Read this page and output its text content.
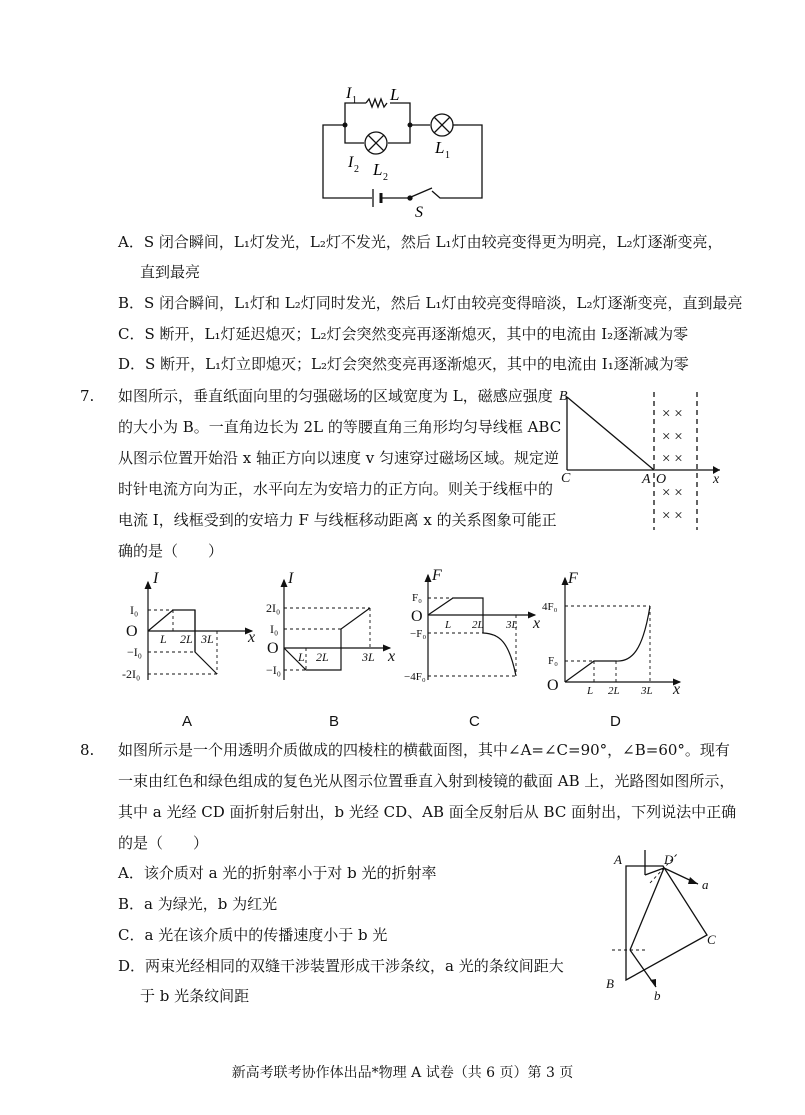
I 1 L
I 2 L 2
L 1
S
A．S 闭合瞬间，L₁灯发光，L₂灯不发光，然后 L₁灯由较亮变得更为明亮，L₂灯逐渐变亮，
直到最亮
B．S 闭合瞬间，L₁灯和 L₂灯同时发光，然后 L₁灯由较亮变得暗淡，L₂灯逐渐变亮，直到最亮
C．S 断开，L₁灯延迟熄灭；L₂灯会突然变亮再逐渐熄灭，其中的电流由 I₂逐渐减为零
D．S 断开，L₁灯立即熄灭；L₂灯会突然变亮再逐渐熄灭，其中的电流由 I₁逐渐减为零
7. 如图所示，垂直纸面向里的匀强磁场的区域宽度为 L，磁感应强度
的大小为 B。一直角边长为 2L 的等腰直角三角形均匀导线框 ABC
从图示位置开始沿 x 轴正方向以速度 v 匀速穿过磁场区域。规定逆
时针电流方向为正，水平向左为安培力的正方向。则关于线框中的
电流 I，线框受到的安培力 F 与线框移动距离 x 的关系图象可能正
确的是（　　）
× ×
× ×
× ×
× ×
× ×
B
C	A O	x
I
x
O L 2L 3L
I₀
−I₀
-2I₀
I
x
O L 2L	3L
2I₀
I₀
−I₀
F
x
O L 2L 3L
F₀
−F₀
−4F₀
F
x
O	L 2L 3L
4F₀
F₀
A	B	C	D
8. 如图所示是一个用透明介质做成的四棱柱的横截面图，其中∠A=∠C=90°，∠B=60°。现有
一束由红色和绿色组成的复色光从图示位置垂直入射到棱镜的截面 AB 上，光路图如图所示，
其中 a 光经 CD 面折射后射出，b 光经 CD、AB 面全反射后从 BC 面射出，下列说法中正确
的是（　　）
A．该介质对 a 光的折射率小于对 b 光的折射率
B．a 为绿光，b 为红光
C．a 光在该介质中的传播速度小于 b 光
D．两束光经相同的双缝干涉装置形成干涉条纹，a 光的条纹间距大
于 b 光条纹间距
A	D
C
B
a
b
新高考联考协作体出品*物理 A 试卷（共 6 页）第 3 页
